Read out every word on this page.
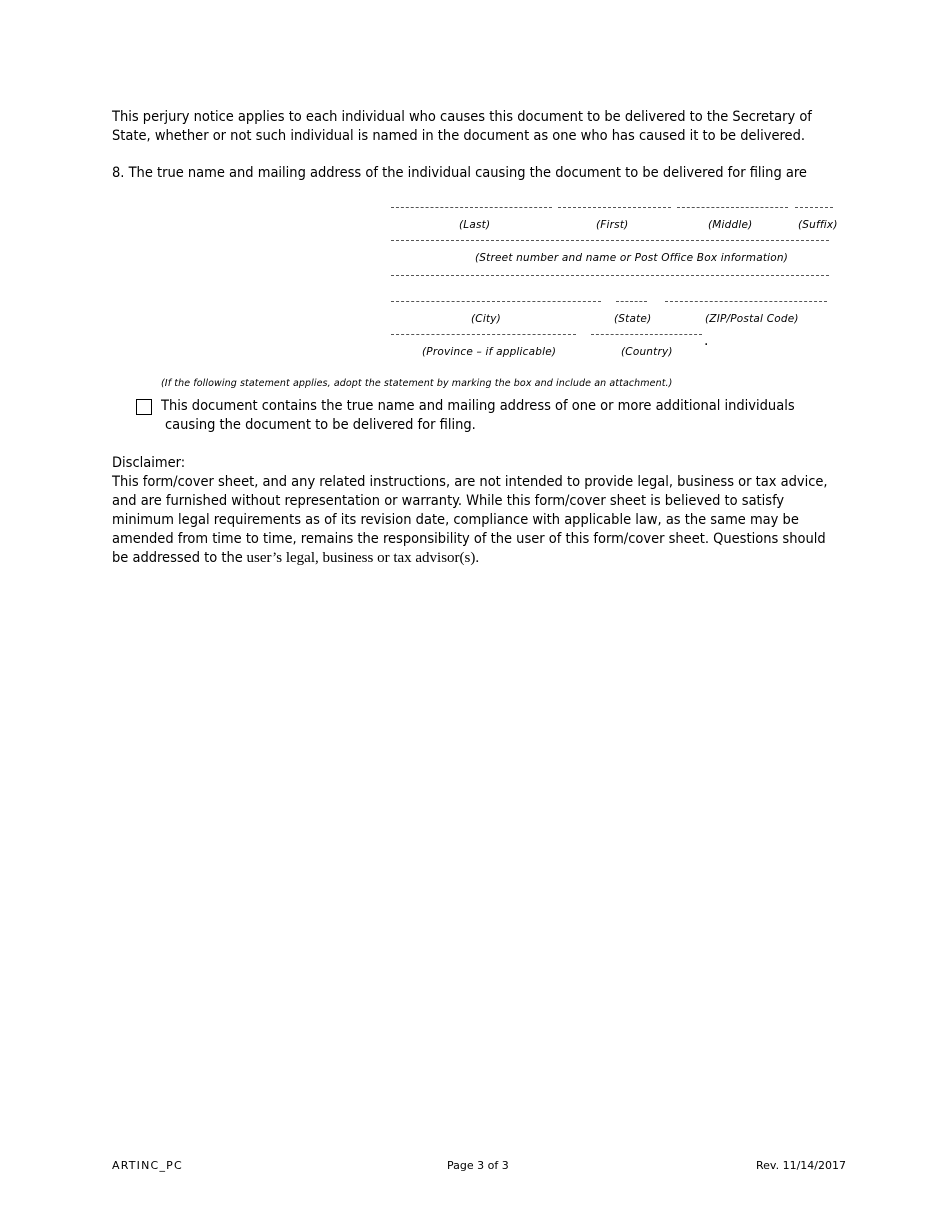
This perjury notice applies to each individual who causes this document to be delivered to the Secretary of State, whether or not such individual is named in the document as one who has caused it to be delivered.

8. The true name and mailing address of the individual causing the document to be delivered for filing are

(Last)	(First)	(Middle)	(Suffix)
(Street number and name or Post Office Box information)
(City)	(State)	(ZIP/Postal Code)
.
(Province – if applicable)	(Country)
(If the following statement applies, adopt the statement by marking the box and include an attachment.)

This document contains the true name and mailing address of one or more additional individuals

causing the document to be delivered for filing.

Disclaimer:

This form/cover sheet, and any related instructions, are not intended to provide legal, business or tax advice, and are furnished without representation or warranty. While this form/cover sheet is believed to satisfy minimum legal requirements as of its revision date, compliance with applicable law, as the same may be amended from time to time, remains the responsibility of the user of this form/cover sheet. Questions should be addressed to the user’s legal, business or tax advisor(s).

ARTINC_PC	Page 3 of 3	Rev. 11/14/2017
